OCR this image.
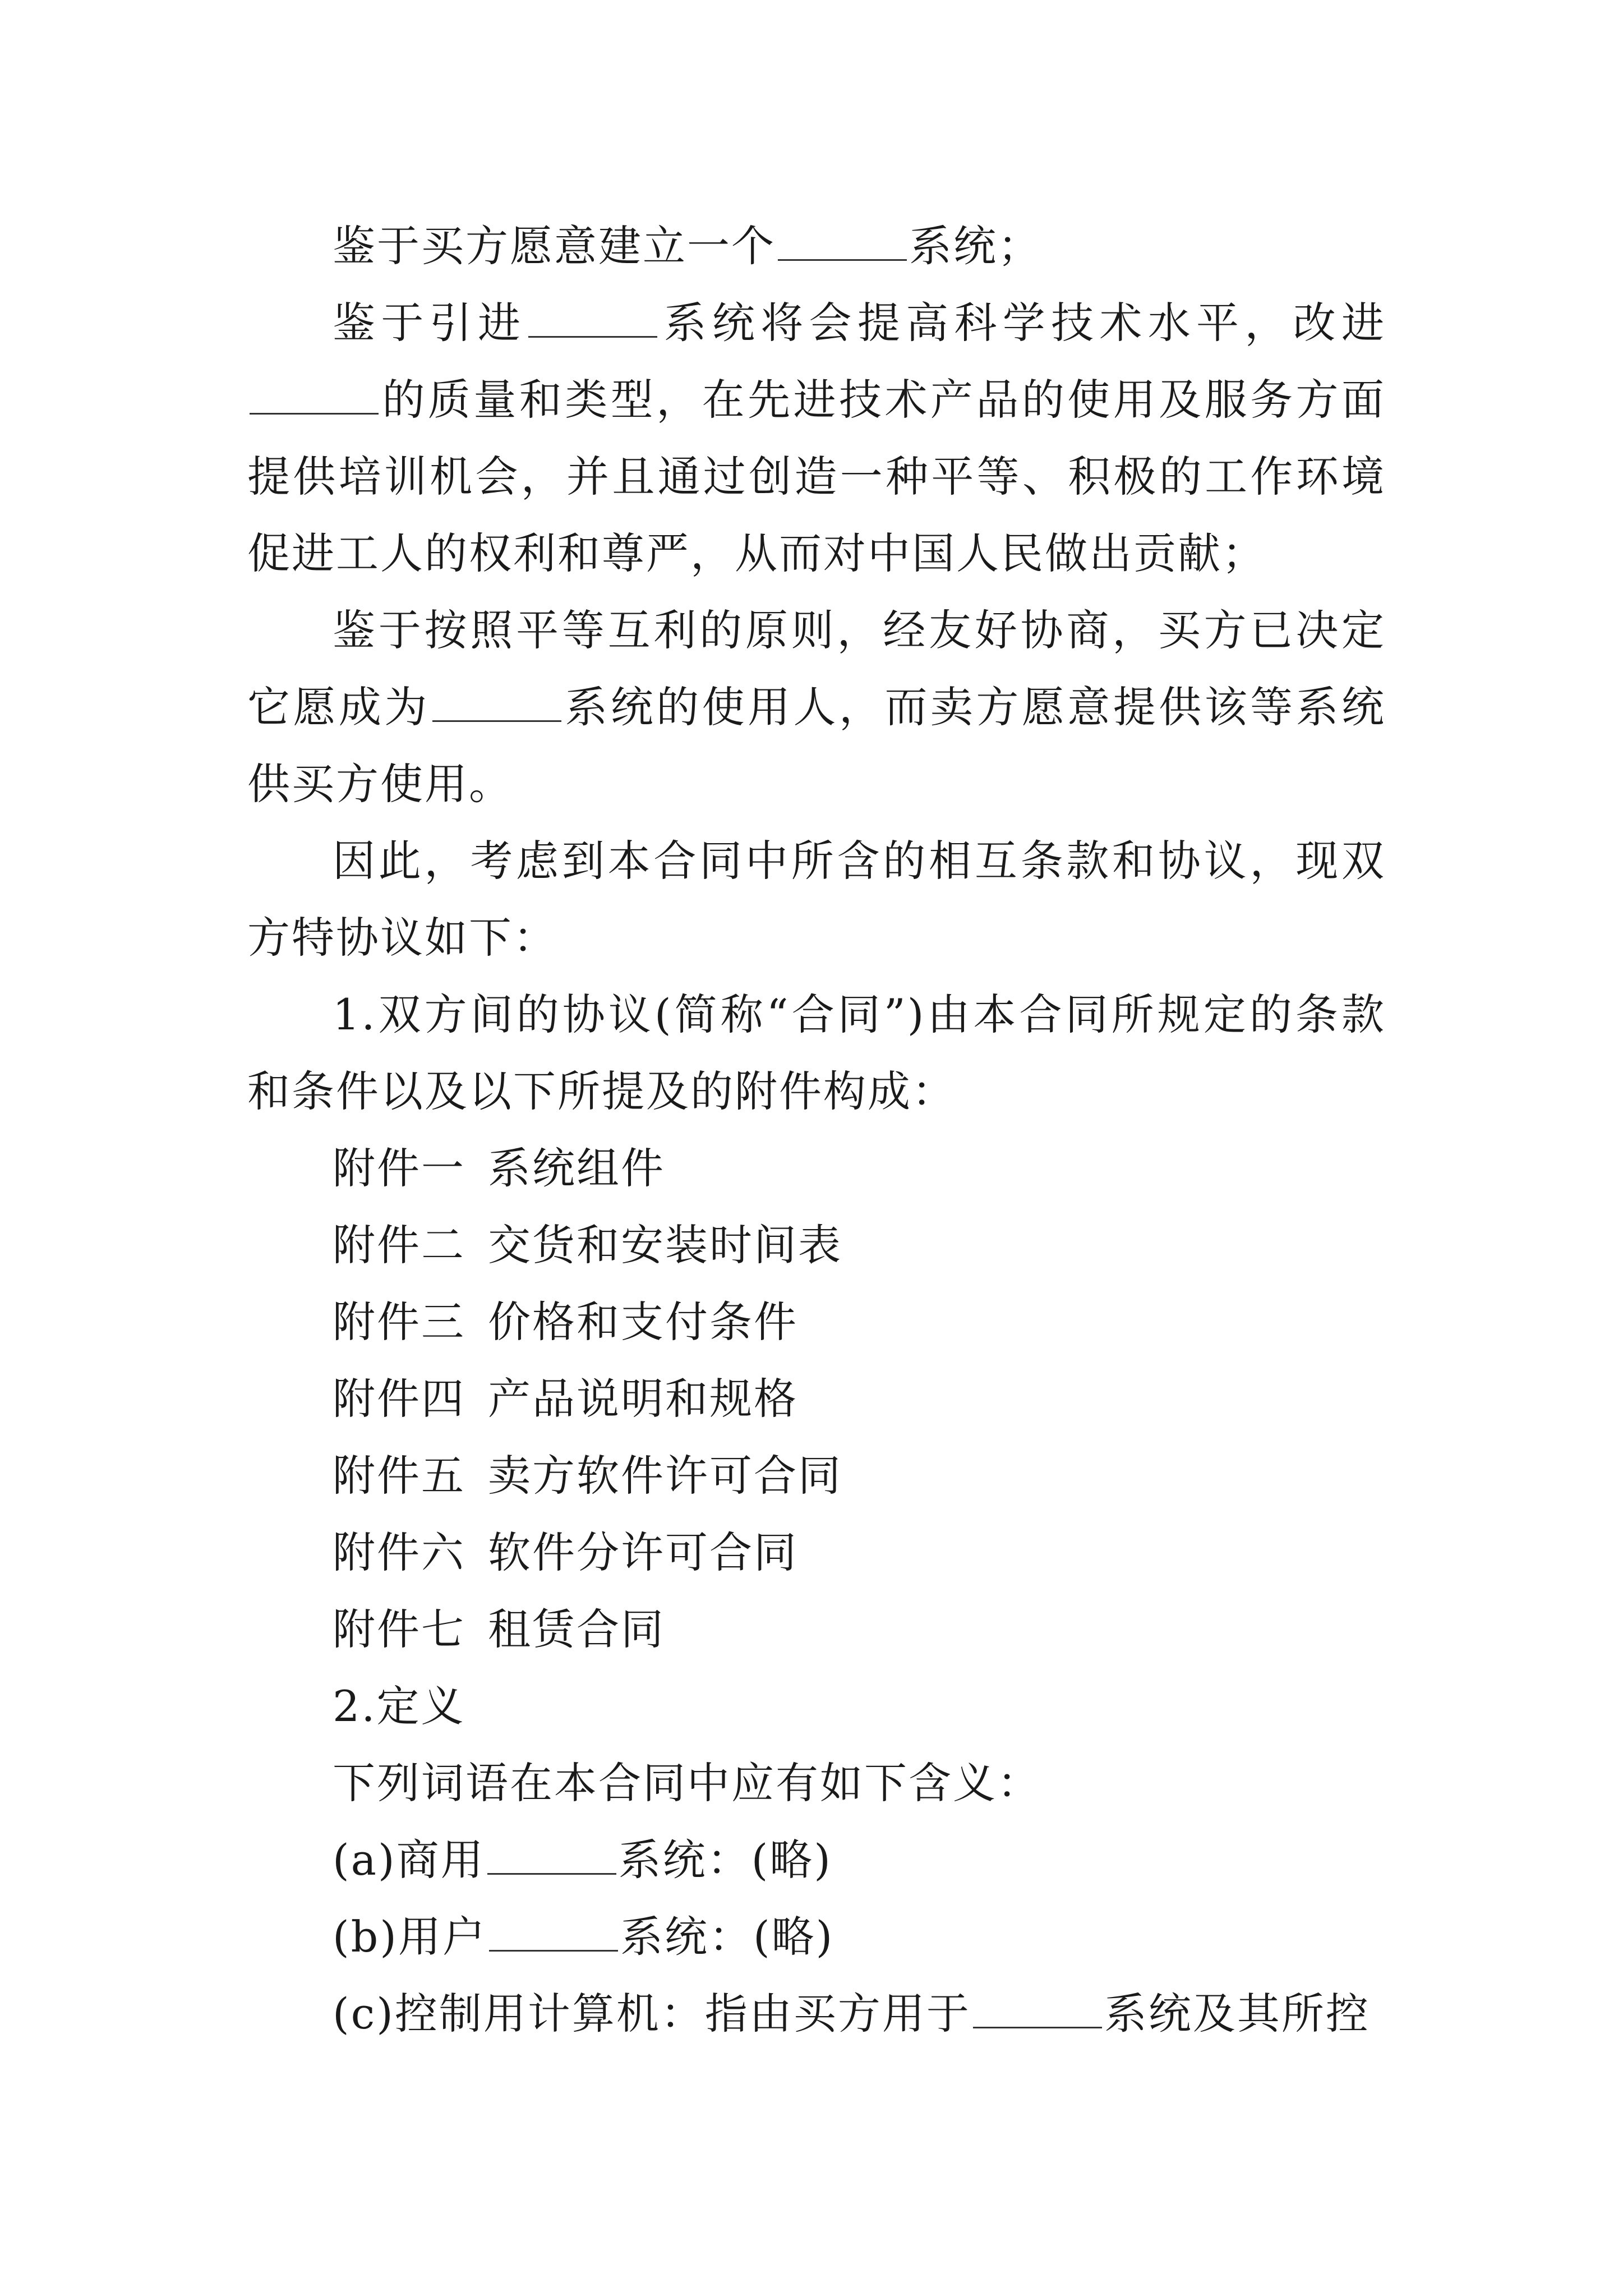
鉴于买方愿意建立一个	系统；

鉴于引进	系统将会提高科学技术水平，改进的质量和类型，在先进技术产品的使用及服务方面提供培训机会，并且通过创造一种平等、积极的工作环境促进工人的权利和尊严，从而对中国人民做出贡献；

鉴于按照平等互利的原则，经友好协商，买方已决定它愿成为	系统的使用人，而卖方愿意提供该等系统供买方使用。

因此，考虑到本合同中所含的相互条款和协议，现双方特协议如下：

1.双方间的协议(简称“合同”)由本合同所规定的条款和条件以及以下所提及的附件构成：

附件一 系统组件
附件二 交货和安装时间表
附件三 价格和支付条件
附件四 产品说明和规格
附件五 卖方软件许可合同
附件六 软件分许可合同
附件七 租赁合同
2.定义
下列词语在本合同中应有如下含义：
(a)商用	系统：(略)
(b)用户	系统：(略)
(c)控制用计算机：指由买方用于	系统及其所控
